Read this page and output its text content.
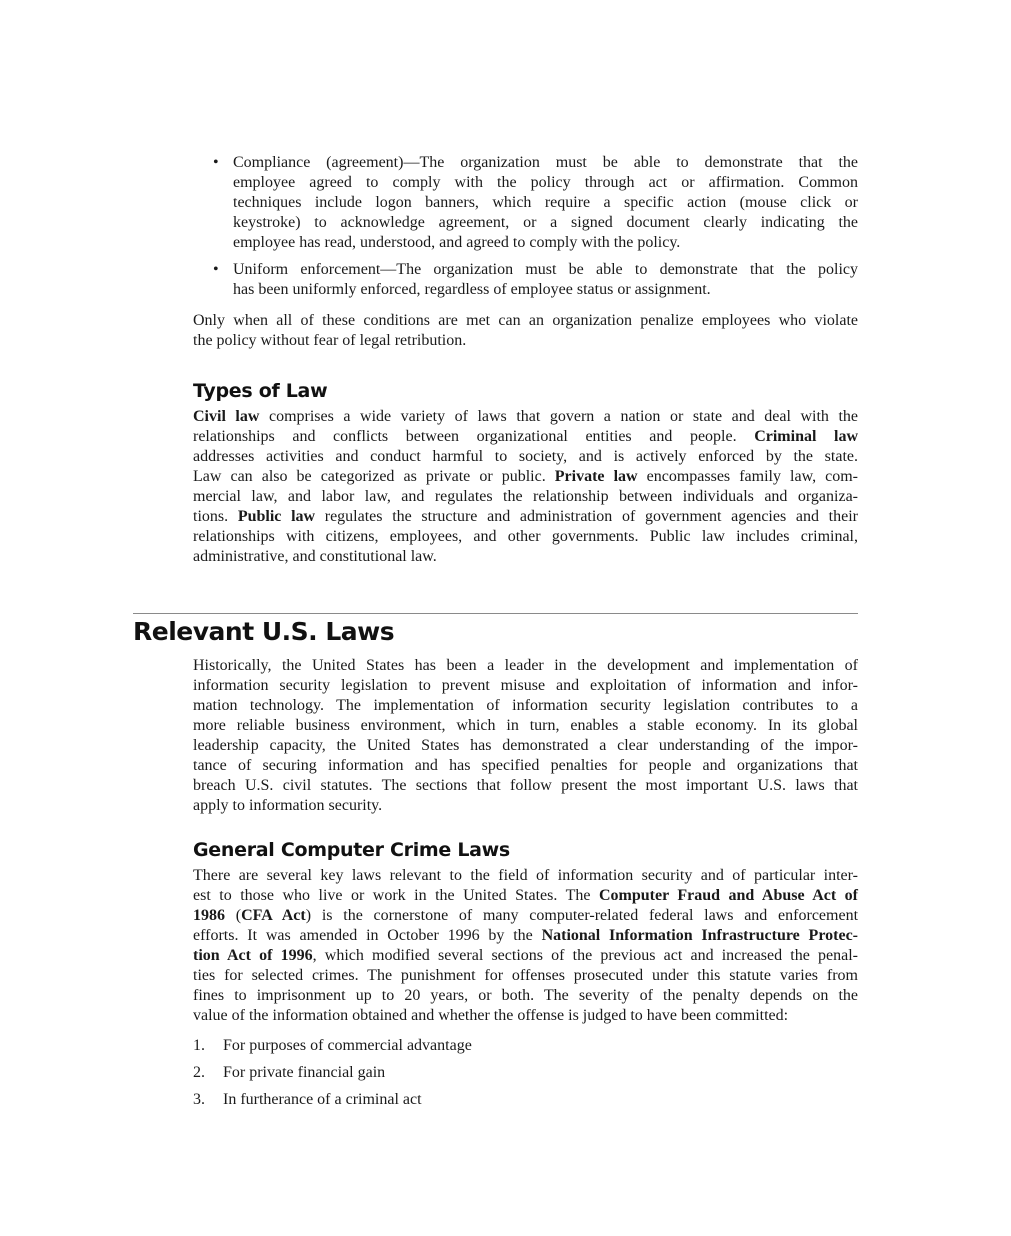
• Compliance (agreement)—The organization must be able to demonstrate that the
employee agreed to comply with the policy through act or affirmation. Common
techniques include logon banners, which require a specific action (mouse click or
keystroke) to acknowledge agreement, or a signed document clearly indicating the
employee has read, understood, and agreed to comply with the policy.
• Uniform enforcement—The organization must be able to demonstrate that the policy
has been uniformly enforced, regardless of employee status or assignment.
Only when all of these conditions are met can an organization penalize employees who violate
the policy without fear of legal retribution.
Types of Law
Civil law comprises a wide variety of laws that govern a nation or state and deal with the
relationships and conflicts between organizational entities and people. Criminal law
addresses activities and conduct harmful to society, and is actively enforced by the state.
Law can also be categorized as private or public. Private law encompasses family law, com-
mercial law, and labor law, and regulates the relationship between individuals and organiza-
tions. Public law regulates the structure and administration of government agencies and their
relationships with citizens, employees, and other governments. Public law includes criminal,
administrative, and constitutional law.
Relevant U.S. Laws
Historically, the United States has been a leader in the development and implementation of
information security legislation to prevent misuse and exploitation of information and infor-
mation technology. The implementation of information security legislation contributes to a
more reliable business environment, which in turn, enables a stable economy. In its global
leadership capacity, the United States has demonstrated a clear understanding of the impor-
tance of securing information and has specified penalties for people and organizations that
breach U.S. civil statutes. The sections that follow present the most important U.S. laws that
apply to information security.
General Computer Crime Laws
There are several key laws relevant to the field of information security and of particular inter-
est to those who live or work in the United States. The Computer Fraud and Abuse Act of
1986 (CFA Act) is the cornerstone of many computer-related federal laws and enforcement
efforts. It was amended in October 1996 by the National Information Infrastructure Protec-
tion Act of 1996, which modified several sections of the previous act and increased the penal-
ties for selected crimes. The punishment for offenses prosecuted under this statute varies from
fines to imprisonment up to 20 years, or both. The severity of the penalty depends on the
value of the information obtained and whether the offense is judged to have been committed:
1. For purposes of commercial advantage
2. For private financial gain
3. In furtherance of a criminal act
